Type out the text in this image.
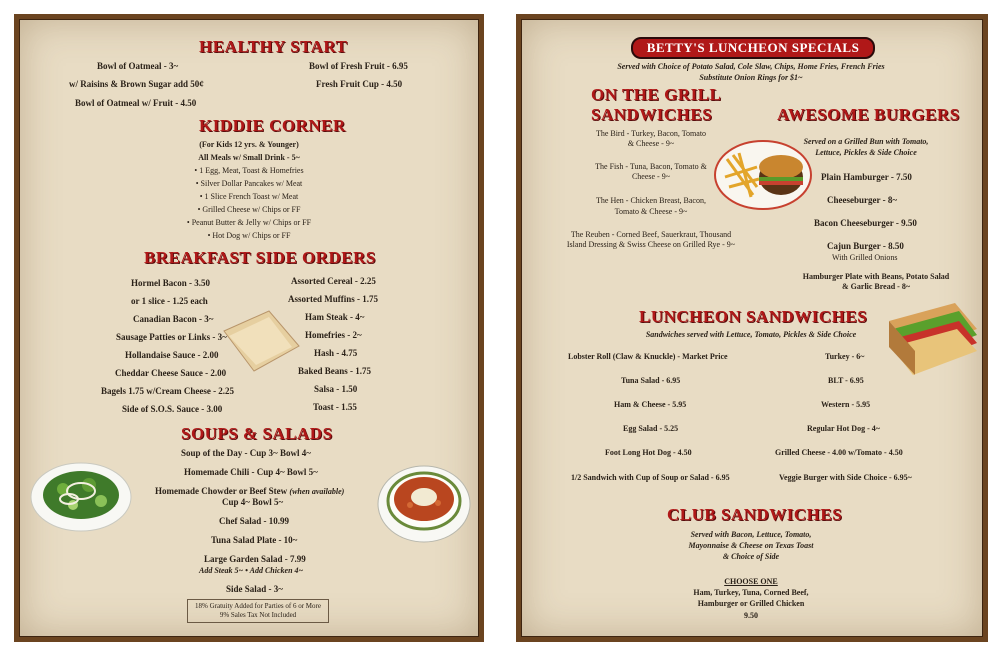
HEALTHY START
Bowl of Oatmeal - 3~
w/ Raisins & Brown Sugar add 50¢
Bowl of Oatmeal w/ Fruit - 4.50
Bowl of Fresh Fruit - 6.95
Fresh Fruit Cup - 4.50
KIDDIE CORNER
(For Kids 12 yrs. & Younger)
All Meals w/ Small Drink - 5~
• 1 Egg, Meat, Toast & Homefries
• Silver Dollar Pancakes w/ Meat
• 1 Slice French Toast w/ Meat
• Grilled Cheese w/ Chips or FF
• Peanut Butter & Jelly w/ Chips or FF
• Hot Dog w/ Chips or FF
BREAKFAST SIDE ORDERS
Hormel Bacon - 3.50
or 1 slice - 1.25 each
Canadian Bacon - 3~
Sausage Patties or Links - 3~
Hollandaise Sauce - 2.00
Cheddar Cheese Sauce - 2.00
Bagels 1.75 w/Cream Cheese - 2.25
Side of S.O.S. Sauce - 3.00
Assorted Cereal - 2.25
Assorted Muffins - 1.75
Ham Steak - 4~
Homefries - 2~
Hash - 4.75
Baked Beans - 1.75
Salsa - 1.50
Toast - 1.55
SOUPS & SALADS
Soup of the Day - Cup 3~ Bowl 4~
Homemade Chili - Cup 4~ Bowl 5~
Homemade Chowder or Beef Stew (when available)
Cup 4~ Bowl 5~
Chef Salad - 10.99
Tuna Salad Plate - 10~
Large Garden Salad - 7.99
Add Steak 5~ • Add Chicken 4~
Side Salad - 3~
18% Gratuity Added for Parties of 6 or More
9% Sales Tax Not Included
BETTY'S LUNCHEON SPECIALS
Served with Choice of Potato Salad, Cole Slaw, Chips, Home Fries, French Fries
Substitute Onion Rings for $1~
ON THE GRILL
SANDWICHES
The Bird - Turkey, Bacon, Tomato
& Cheese - 9~
The Fish - Tuna, Bacon, Tomato &
Cheese - 9~
The Hen - Chicken Breast, Bacon,
Tomato & Cheese - 9~
The Reuben - Corned Beef, Sauerkraut, Thousand
Island Dressing & Swiss Cheese on Grilled Rye - 9~
AWESOME BURGERS
Served on a Grilled Bun with Tomato,
Lettuce, Pickles & Side Choice
Plain Hamburger - 7.50
Cheeseburger - 8~
Bacon Cheeseburger - 9.50
Cajun Burger - 8.50
With Grilled Onions
Hamburger Plate with Beans, Potato Salad
& Garlic Bread - 8~
LUNCHEON SANDWICHES
Sandwiches served with Lettuce, Tomato, Pickles & Side Choice
Lobster Roll (Claw & Knuckle) - Market Price
Tuna Salad - 6.95
Ham & Cheese - 5.95
Egg Salad - 5.25
Foot Long Hot Dog - 4.50
1/2 Sandwich with Cup of Soup or Salad - 6.95
Turkey - 6~
BLT - 6.95
Western - 5.95
Regular Hot Dog - 4~
Grilled Cheese - 4.00 w/Tomato - 4.50
Veggie Burger with Side Choice - 6.95~
CLUB SANDWICHES
Served with Bacon, Lettuce, Tomato,
Mayonnaise & Cheese on Texas Toast
& Choice of Side
CHOOSE ONE
Ham, Turkey, Tuna, Corned Beef,
Hamburger or Grilled Chicken
9.50
